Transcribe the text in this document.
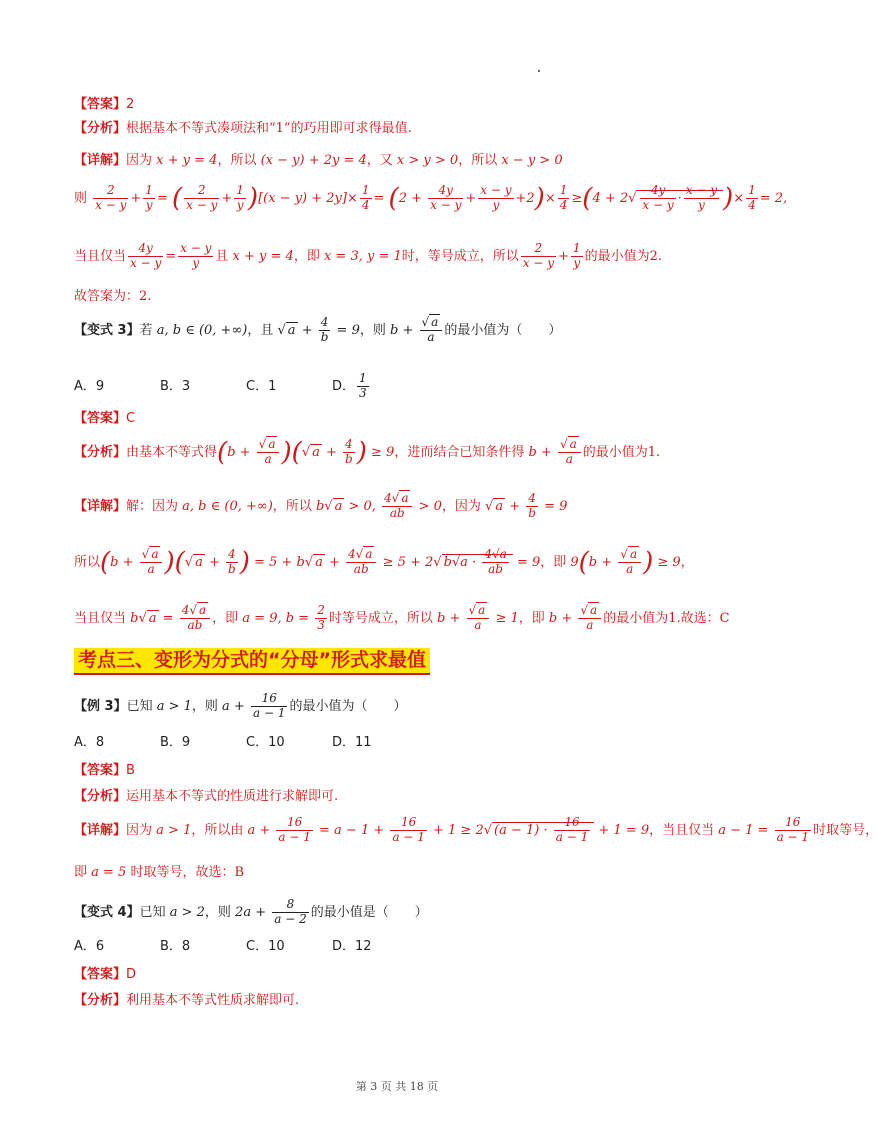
【答案】2
【分析】根据基本不等式凑项法和“1”的巧用即可求得最值.
【详解】因为 x + y = 4，所以 (x − y) + 2y = 4，又 x > y > 0，所以 x − y > 0
则 $\frac{2}{x - y} + \frac{1}{y}$ = ( $\frac{2}{x - y} + \frac{1}{y} )[(x - y) + 2y]\times \frac{1}{4} = (2 + \frac{4y}{x - y} + \frac{x - y}{y} +2)\times \frac{1}{4} \ge(4 + 2√ \frac{4y}{x - y} \cdot \frac{x - y}{y}$ )× $\frac{1}{4} = 2$,
当且仅当 $\frac{4y}{x - y} = \frac{x - y}{y}$ 且 x + y = 4，即 x = 3, y = 1时，等号成立，所以 $\frac{2}{x - y} + \frac{1}{y}$ 的最小值为2.
故答案为：2.
【变式 3】若 a, b ∈ (0, +∞)，且 √ $a + \frac{4}{b} = 9$，则 $b + \frac{√ a}{a}$ 的最小值为（　　）
A．9	B．3	C．1	D． $\frac{1}{3}$
【答案】C
【分析】由基本不等式得($b + \frac{√ a}{a}$ )(√ $a + \frac{4}{b}$ ) ≥ 9，进而结合已知条件得 $b + \frac{√ a}{a}$ 的最小值为1.
【详解】解：因为 a, b ∈ (0, +∞)，所以 b√ a > 0, $\frac{4√ a}{ab} > 0$，因为 √ $a + \frac{4}{b} = 9$
所以($b + \frac{√ a}{a}$ )(√ $a + \frac{4}{b}$ ) = 5 + b√ $a + \frac{4√ a}{ab} \ge 5 + 2√$ $b√a \cdot \frac{4√a}{ab} = 9$，即 $9(b + \frac{√ a}{a}$ ) ≥ 9，
当且仅当 b√ $a = \frac{4√ a}{ab}$ ，即 a = 9, $b = \frac{2}{3}$ 时等号成立，所以 $b + \frac{√ a}{a} \ge 1$，即 $b + \frac{√ a}{a}$ 的最小值为1.故选：C
考点三、变形为分式的“分母”形式求最值
【例 3】已知 a > 1，则 $a + \frac{16}{a - 1}$ 的最小值为（　　）
A．8	B．9	C．10	D．11
【答案】B
【分析】运用基本不等式的性质进行求解即可.
【详解】因为 a > 1，所以由 $a + \frac{16}{a - 1} = a - 1 + \frac{16}{a - 1} + 1 \ge 2√$ $(a - 1) \cdot \frac{16}{a - 1} + 1 = 9$，当且仅当 $a - 1 = \frac{16}{a - 1}$ 时取等号，
即 a = 5 时取等号，故选：B
【变式 4】已知 a > 2，则 $2a + \frac{8}{a - 2}$ 的最小值是（　　）
A．6	B．8	C．10	D．12
【答案】D
【分析】利用基本不等式性质求解即可.
第 3 页 共 18 页
